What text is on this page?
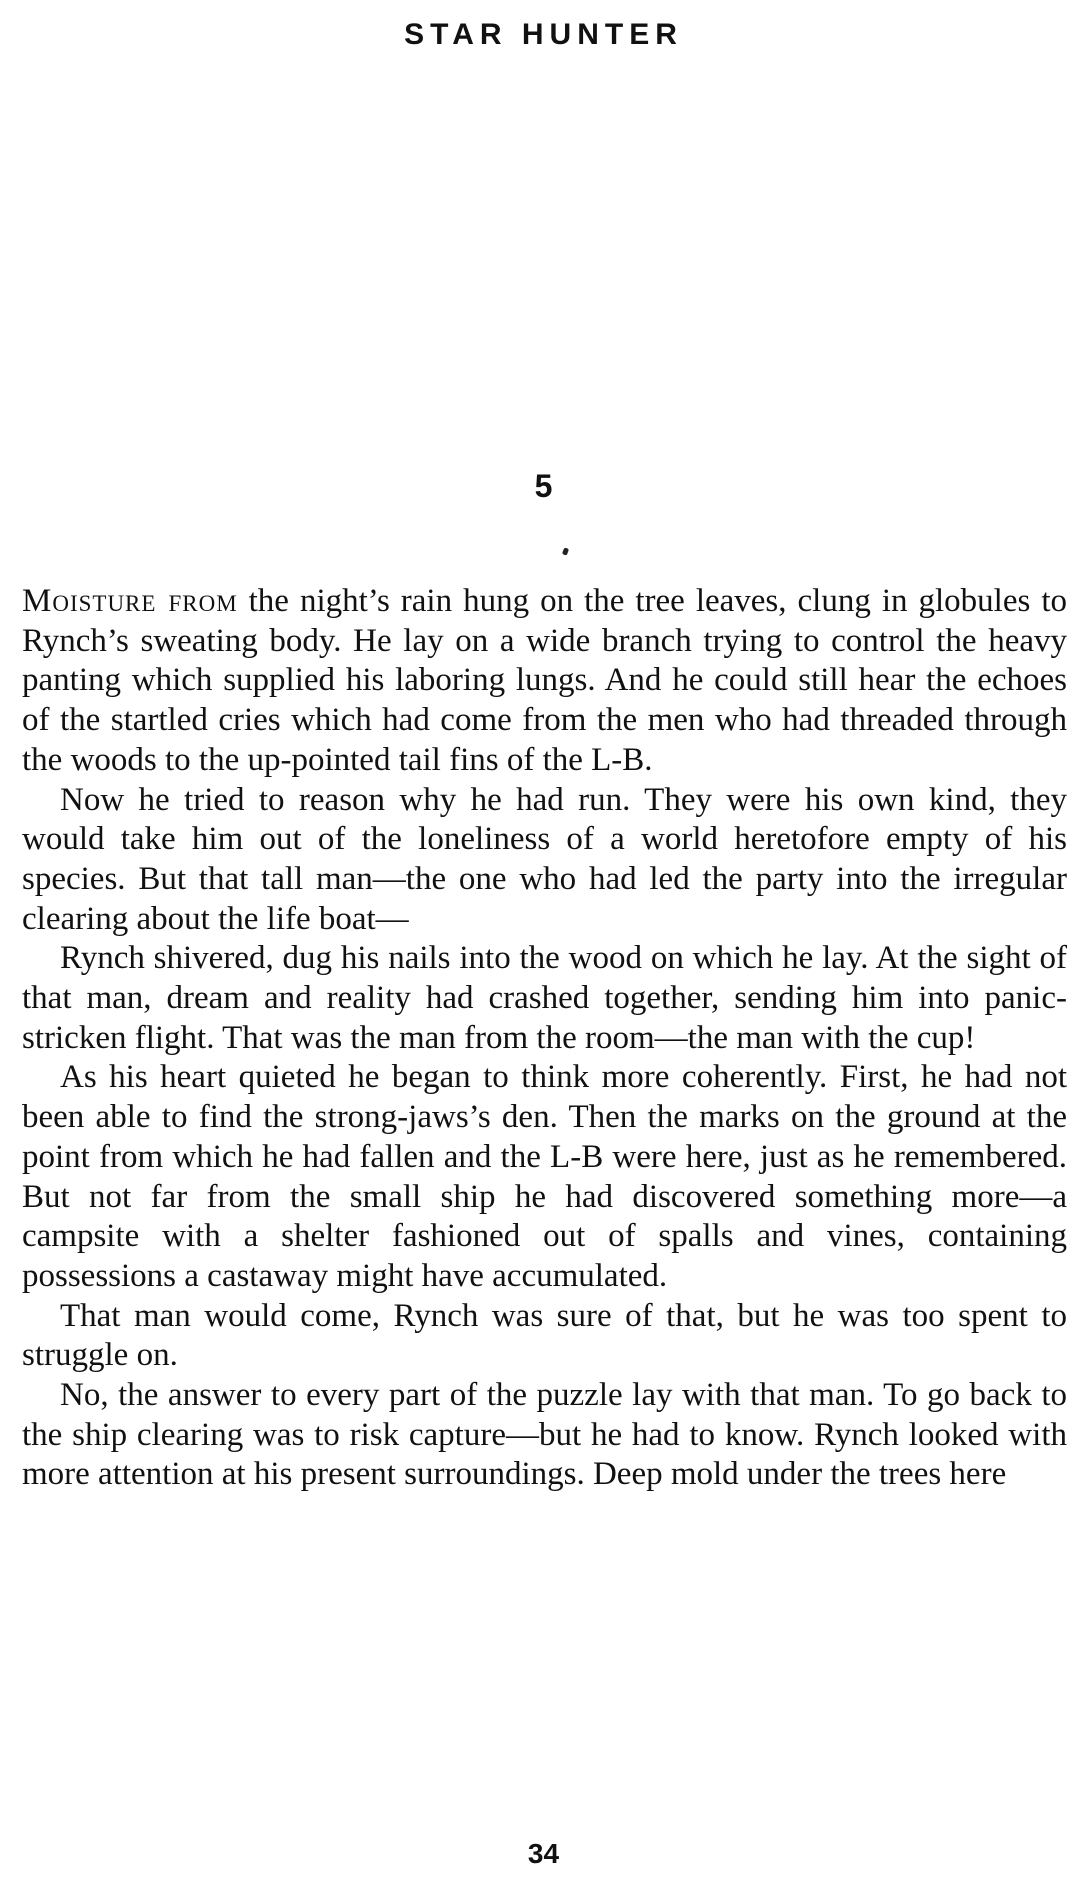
STAR HUNTER
5

Moisture from the night’s rain hung on the tree leaves, clung in globules to Rynch’s sweating body. He lay on a wide branch trying to control the heavy panting which supplied his laboring lungs. And he could still hear the echoes of the startled cries which had come from the men who had threaded through the woods to the up-pointed tail fins of the L-B.

Now he tried to reason why he had run. They were his own kind, they would take him out of the loneliness of a world heretofore empty of his species. But that tall man—the one who had led the party into the irregular clearing about the life boat—

Rynch shivered, dug his nails into the wood on which he lay. At the sight of that man, dream and reality had crashed together, sending him into panic-stricken flight. That was the man from the room—the man with the cup!

As his heart quieted he began to think more coherently. First, he had not been able to find the strong-jaws’s den. Then the marks on the ground at the point from which he had fallen and the L-B were here, just as he remembered. But not far from the small ship he had discovered something more—a campsite with a shelter fashioned out of spalls and vines, containing possessions a castaway might have accumulated.

That man would come, Rynch was sure of that, but he was too spent to struggle on.

No, the answer to every part of the puzzle lay with that man. To go back to the ship clearing was to risk capture—but he had to know. Rynch looked with more attention at his present surroundings. Deep mold under the trees here

34
